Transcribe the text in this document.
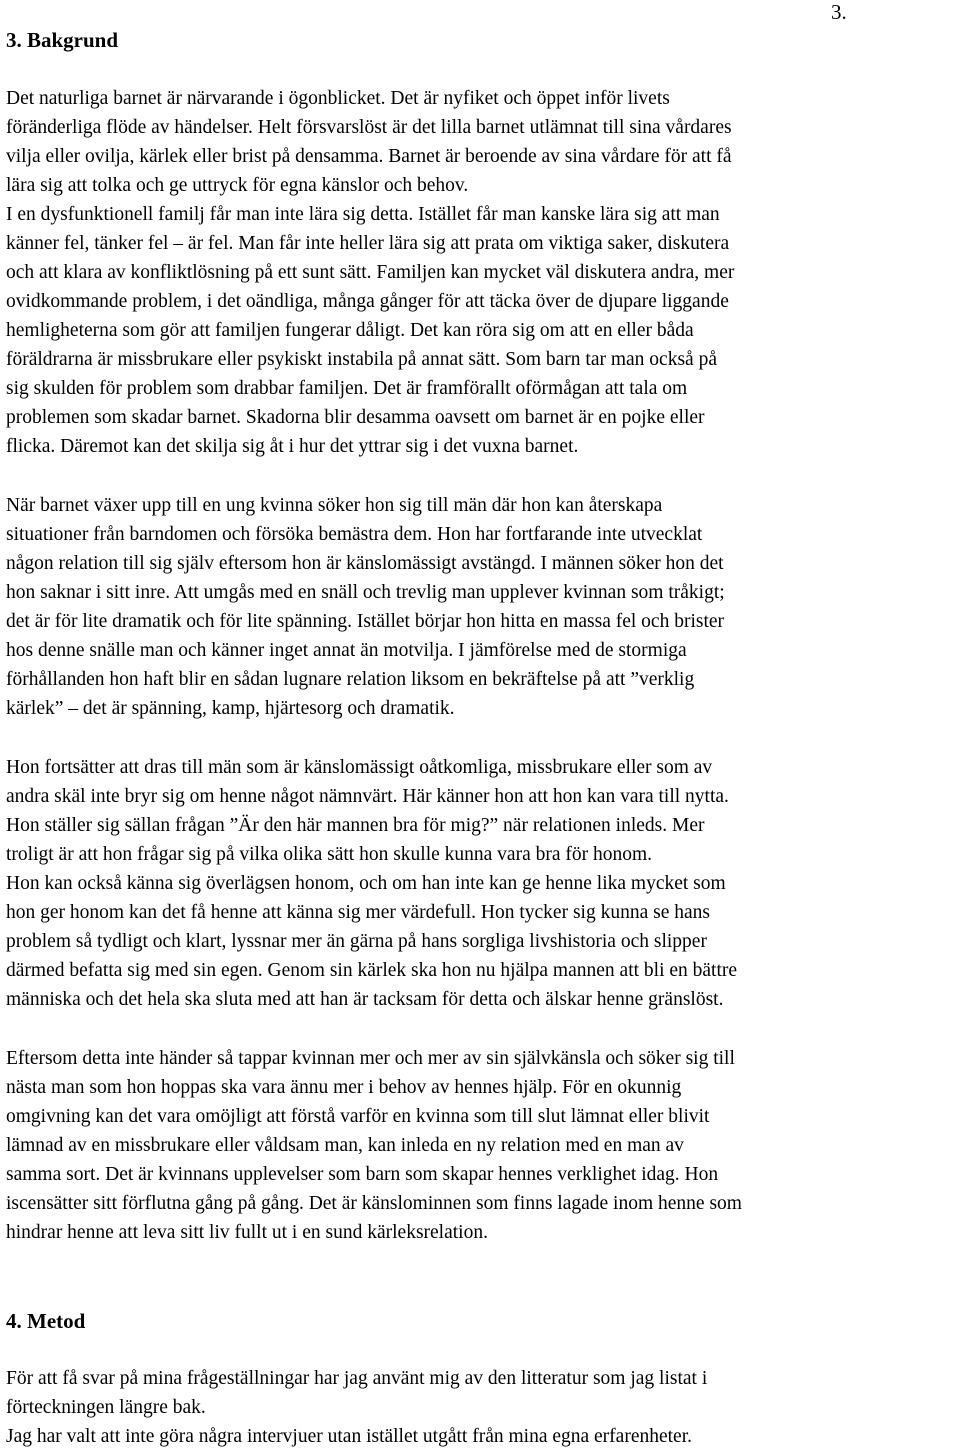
3.
3. Bakgrund
Det naturliga barnet är närvarande i ögonblicket. Det är nyfiket och öppet inför livets
föränderliga flöde av händelser. Helt försvarslöst är det lilla barnet utlämnat till sina vårdares
vilja eller ovilja, kärlek eller brist på densamma. Barnet är beroende av sina vårdare för att få
lära sig att tolka och ge uttryck för egna känslor och behov.
I en dysfunktionell familj får man inte lära sig detta. Istället får man kanske lära sig att man
känner fel, tänker fel – är fel. Man får inte heller lära sig att prata om viktiga saker, diskutera
och att klara av konfliktlösning på ett sunt sätt. Familjen kan mycket väl diskutera andra, mer
ovidkommande problem, i det oändliga, många gånger för att täcka över de djupare liggande
hemligheterna som gör att familjen fungerar dåligt. Det kan röra sig om att en eller båda
föräldrarna är missbrukare eller psykiskt instabila på annat sätt. Som barn tar man också på
sig skulden för problem som drabbar familjen. Det är framförallt oförmågan att tala om
problemen som skadar barnet. Skadorna blir desamma oavsett om barnet är en pojke eller
flicka. Däremot kan det skilja sig åt i hur det yttrar sig i det vuxna barnet.
När barnet växer upp till en ung kvinna söker hon sig till män där hon kan återskapa
situationer från barndomen och försöka bemästra dem. Hon har fortfarande inte utvecklat
någon relation till sig själv eftersom hon är känslomässigt avstängd. I männen söker hon det
hon saknar i sitt inre. Att umgås med en snäll och trevlig man upplever kvinnan som tråkigt;
det är för lite dramatik och för lite spänning. Istället börjar hon hitta en massa fel och brister
hos denne snälle man och känner inget annat än motvilja. I jämförelse med de stormiga
förhållanden hon haft blir en sådan lugnare relation liksom en bekräftelse på att ”verklig
kärlek” – det är spänning, kamp, hjärtesorg och dramatik.
Hon fortsätter att dras till män som är känslomässigt oåtkomliga, missbrukare eller som av
andra skäl inte bryr sig om henne något nämnvärt. Här känner hon att hon kan vara till nytta.
Hon ställer sig sällan frågan ”Är den här mannen bra för mig?” när relationen inleds. Mer
troligt är att hon frågar sig på vilka olika sätt hon skulle kunna vara bra för honom.
Hon kan också känna sig överlägsen honom, och om han inte kan ge henne lika mycket som
hon ger honom kan det få henne att känna sig mer värdefull. Hon tycker sig kunna se hans
problem så tydligt och klart, lyssnar mer än gärna på hans sorgliga livshistoria och slipper
därmed befatta sig med sin egen. Genom sin kärlek ska hon nu hjälpa mannen att bli en bättre
människa och det hela ska sluta med att han är tacksam för detta och älskar henne gränslöst.
Eftersom detta inte händer så tappar kvinnan mer och mer av sin självkänsla och söker sig till
nästa man som hon hoppas ska vara ännu mer i behov av hennes hjälp. För en okunnig
omgivning kan det vara omöjligt att förstå varför en kvinna som till slut lämnat eller blivit
lämnad av en missbrukare eller våldsam man, kan inleda en ny relation med en man av
samma sort. Det är kvinnans upplevelser som barn som skapar hennes verklighet idag. Hon
iscensätter sitt förflutna gång på gång. Det är känslominnen som finns lagade inom henne som
hindrar henne att leva sitt liv fullt ut i en sund kärleksrelation.
4. Metod
För att få svar på mina frågeställningar har jag använt mig av den litteratur som jag listat i
förteckningen längre bak.
Jag har valt att inte göra några intervjuer utan istället utgått från mina egna erfarenheter.
